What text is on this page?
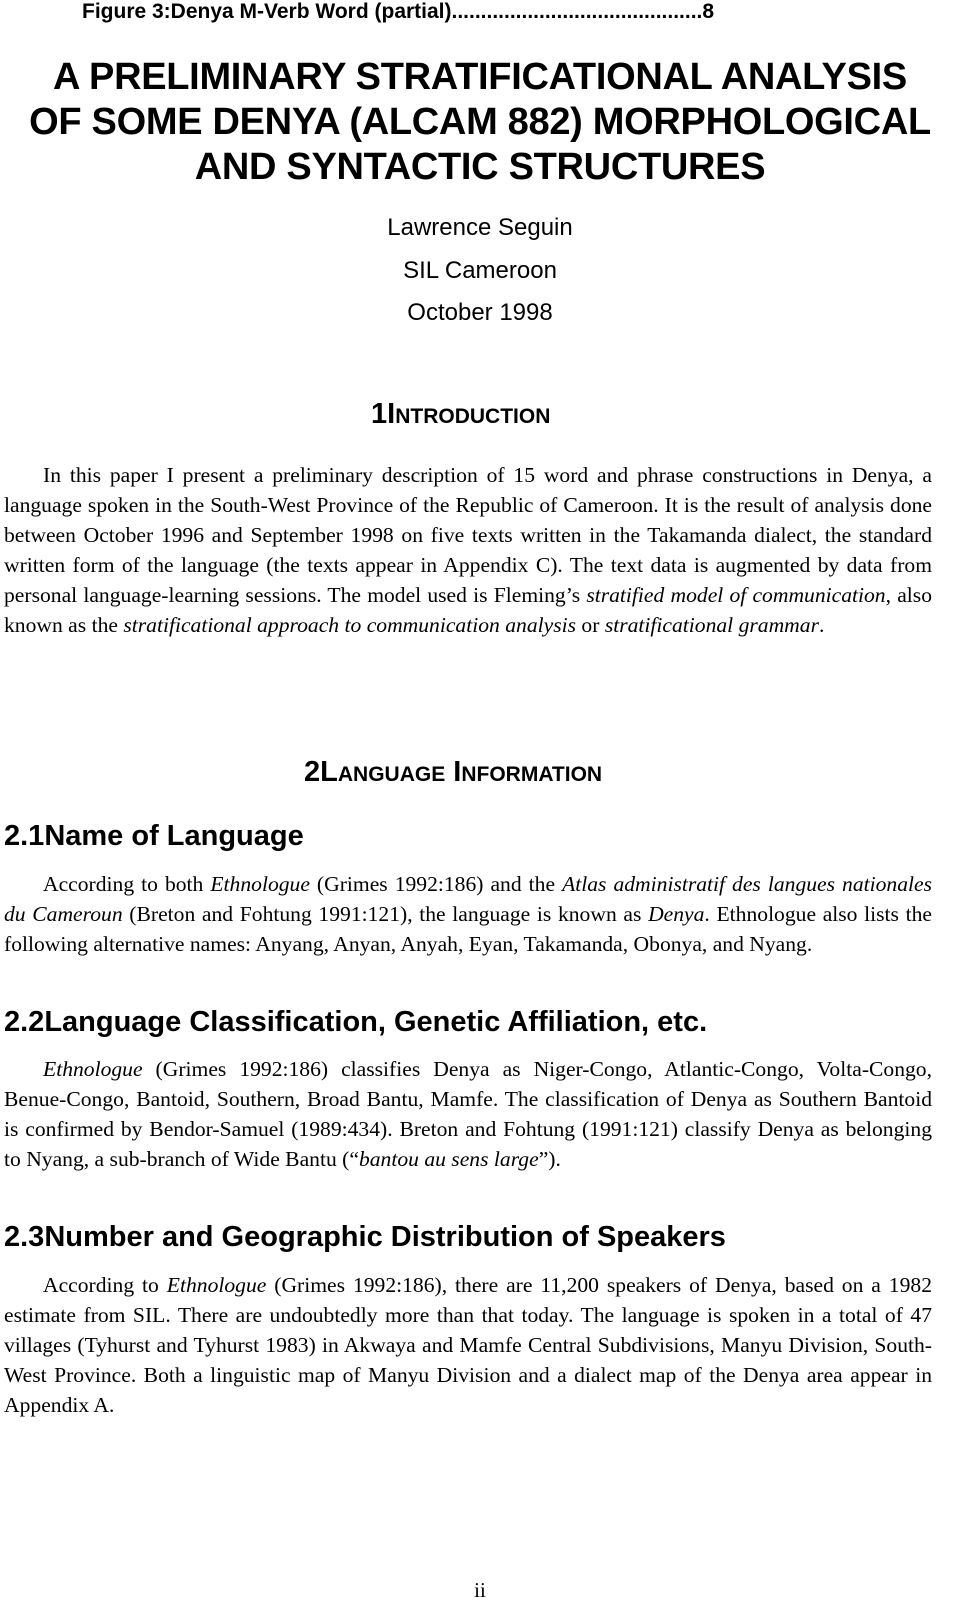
Figure 3:Denya M-Verb Word (partial)...........................................8
A PRELIMINARY STRATIFICATIONAL ANALYSIS
OF SOME DENYA (ALCAM 882) MORPHOLOGICAL
AND SYNTACTIC STRUCTURES
Lawrence Seguin
SIL Cameroon
October 1998
1INTRODUCTION

In this paper I present a preliminary description of 15 word and phrase constructions in Denya, a language spoken in the South-West Province of the Republic of Cameroon. It is the result of analysis done between October 1996 and September 1998 on five texts written in the Takamanda dialect, the standard written form of the language (the texts appear in Appendix C). The text data is augmented by data from personal language-learning sessions. The model used is Fleming’s stratified model of communication, also known as the stratificational approach to communication analysis or stratificational grammar.

2LANGUAGE INFORMATION
2.1Name of Language

According to both Ethnologue (Grimes 1992:186) and the Atlas administratif des langues nationales du Cameroun (Breton and Fohtung 1991:121), the language is known as Denya. Ethnologue also lists the following alternative names: Anyang, Anyan, Anyah, Eyan, Takamanda, Obonya, and Nyang.

2.2Language Classification, Genetic Affiliation, etc.

Ethnologue (Grimes 1992:186) classifies Denya as Niger-Congo, Atlantic-Congo, Volta-Congo, Benue-Congo, Bantoid, Southern, Broad Bantu, Mamfe. The classification of Denya as Southern Bantoid is confirmed by Bendor-Samuel (1989:434). Breton and Fohtung (1991:121) classify Denya as belonging to Nyang, a sub-branch of Wide Bantu (“bantou au sens large”).

2.3Number and Geographic Distribution of Speakers

According to Ethnologue (Grimes 1992:186), there are 11,200 speakers of Denya, based on a 1982 estimate from SIL. There are undoubtedly more than that today. The language is spoken in a total of 47 villages (Tyhurst and Tyhurst 1983) in Akwaya and Mamfe Central Subdivisions, Manyu Division, South-West Province. Both a linguistic map of Manyu Division and a dialect map of the Denya area appear in Appendix A.

ii
